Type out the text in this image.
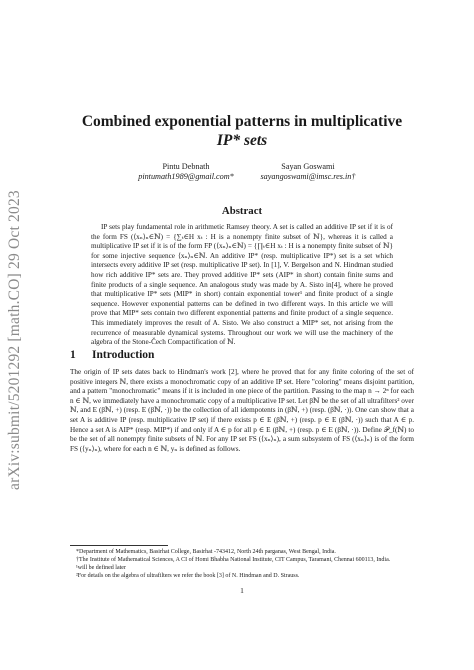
arXiv:submit/5201292 [math.CO] 29 Oct 2023
Combined exponential patterns in multiplicative
IP* sets
Pintu Debnath
pintumath1989@gmail.com*
Sayan Goswami
sayangoswami@imsc.res.in†
Abstract

IP sets play fundamental role in arithmetic Ramsey theory. A set is called an additive IP set if it is of the form FS (⟨xₙ⟩ₙ∈ℕ) = {∑ₜ∈H xₜ : H is a nonempty finite subset of ℕ}, whereas it is called a multiplicative IP set if it is of the form FP (⟨xₙ⟩ₙ∈ℕ) = {∏ₜ∈H xₜ : H is a nonempty finite subset of ℕ} for some injective sequence ⟨xₙ⟩ₙ∈ℕ. An additive IP* (resp. multiplicative IP*) set is a set which intersects every additive IP set (resp. multiplicative IP set). In [1], V. Bergelson and N. Hindman studied how rich additive IP* sets are. They proved additive IP* sets (AIP* in short) contain finite sums and finite products of a single sequence. An analogous study was made by A. Sisto in[4], where he proved that multiplicative IP* sets (MIP* in short) contain exponential tower¹ and finite product of a single sequence. However exponential patterns can be defined in two different ways. In this article we will prove that MIP* sets contain two different exponential patterns and finite product of a single sequence. This immediately improves the result of A. Sisto. We also construct a MIP* set, not arising from the recurrence of measurable dynamical systems. Throughout our work we will use the machinery of the algebra of the Stone-Čech Compactification of ℕ.

1 Introduction

The origin of IP sets dates back to Hindman's work [2], where he proved that for any finite coloring of the set of positive integers ℕ, there exists a monochromatic copy of an additive IP set. Here "coloring" means disjoint partition, and a pattern "monochromatic" means if it is included in one piece of the partition. Passing to the map n → 2ⁿ for each n ∈ ℕ, we immediately have a monochromatic copy of a multiplicative IP set. Let βℕ be the set of all ultrafilters² over ℕ, and E (βℕ, +) (resp. E (βℕ, ·)) be the collection of all idempotents in (βℕ, +) (resp. (βℕ, ·)). One can show that a set A is additive IP (resp. multiplicative IP set) if there exists p ∈ E (βℕ, +) (resp. p ∈ E (βℕ, ·)) such that A ∈ p. Hence a set A is AIP* (resp. MIP*) if and only if A ∈ p for all p ∈ E (βℕ, +) (resp. p ∈ E (βℕ, ·)). Define 𝒫_f(ℕ) to be the set of all nonempty finite subsets of ℕ. For any IP set FS (⟨xₙ⟩ₙ), a sum subsystem of FS (⟨xₙ⟩ₙ) is of the form FS (⟨yₙ⟩ₙ), where for each n ∈ ℕ, yₙ is defined as follows.

*Department of Mathematics, Basirhat College, Basirhat -743412, North 24th parganas, West Bengal, India.

†The Institute of Mathematical Sciences, A CI of Homi Bhabha National Institute, CIT Campus, Taramani, Chennai 600113, India.

¹will be defined later

²For details on the algebra of ultrafilters we refer the book [3] of N. Hindman and D. Strauss.

1
